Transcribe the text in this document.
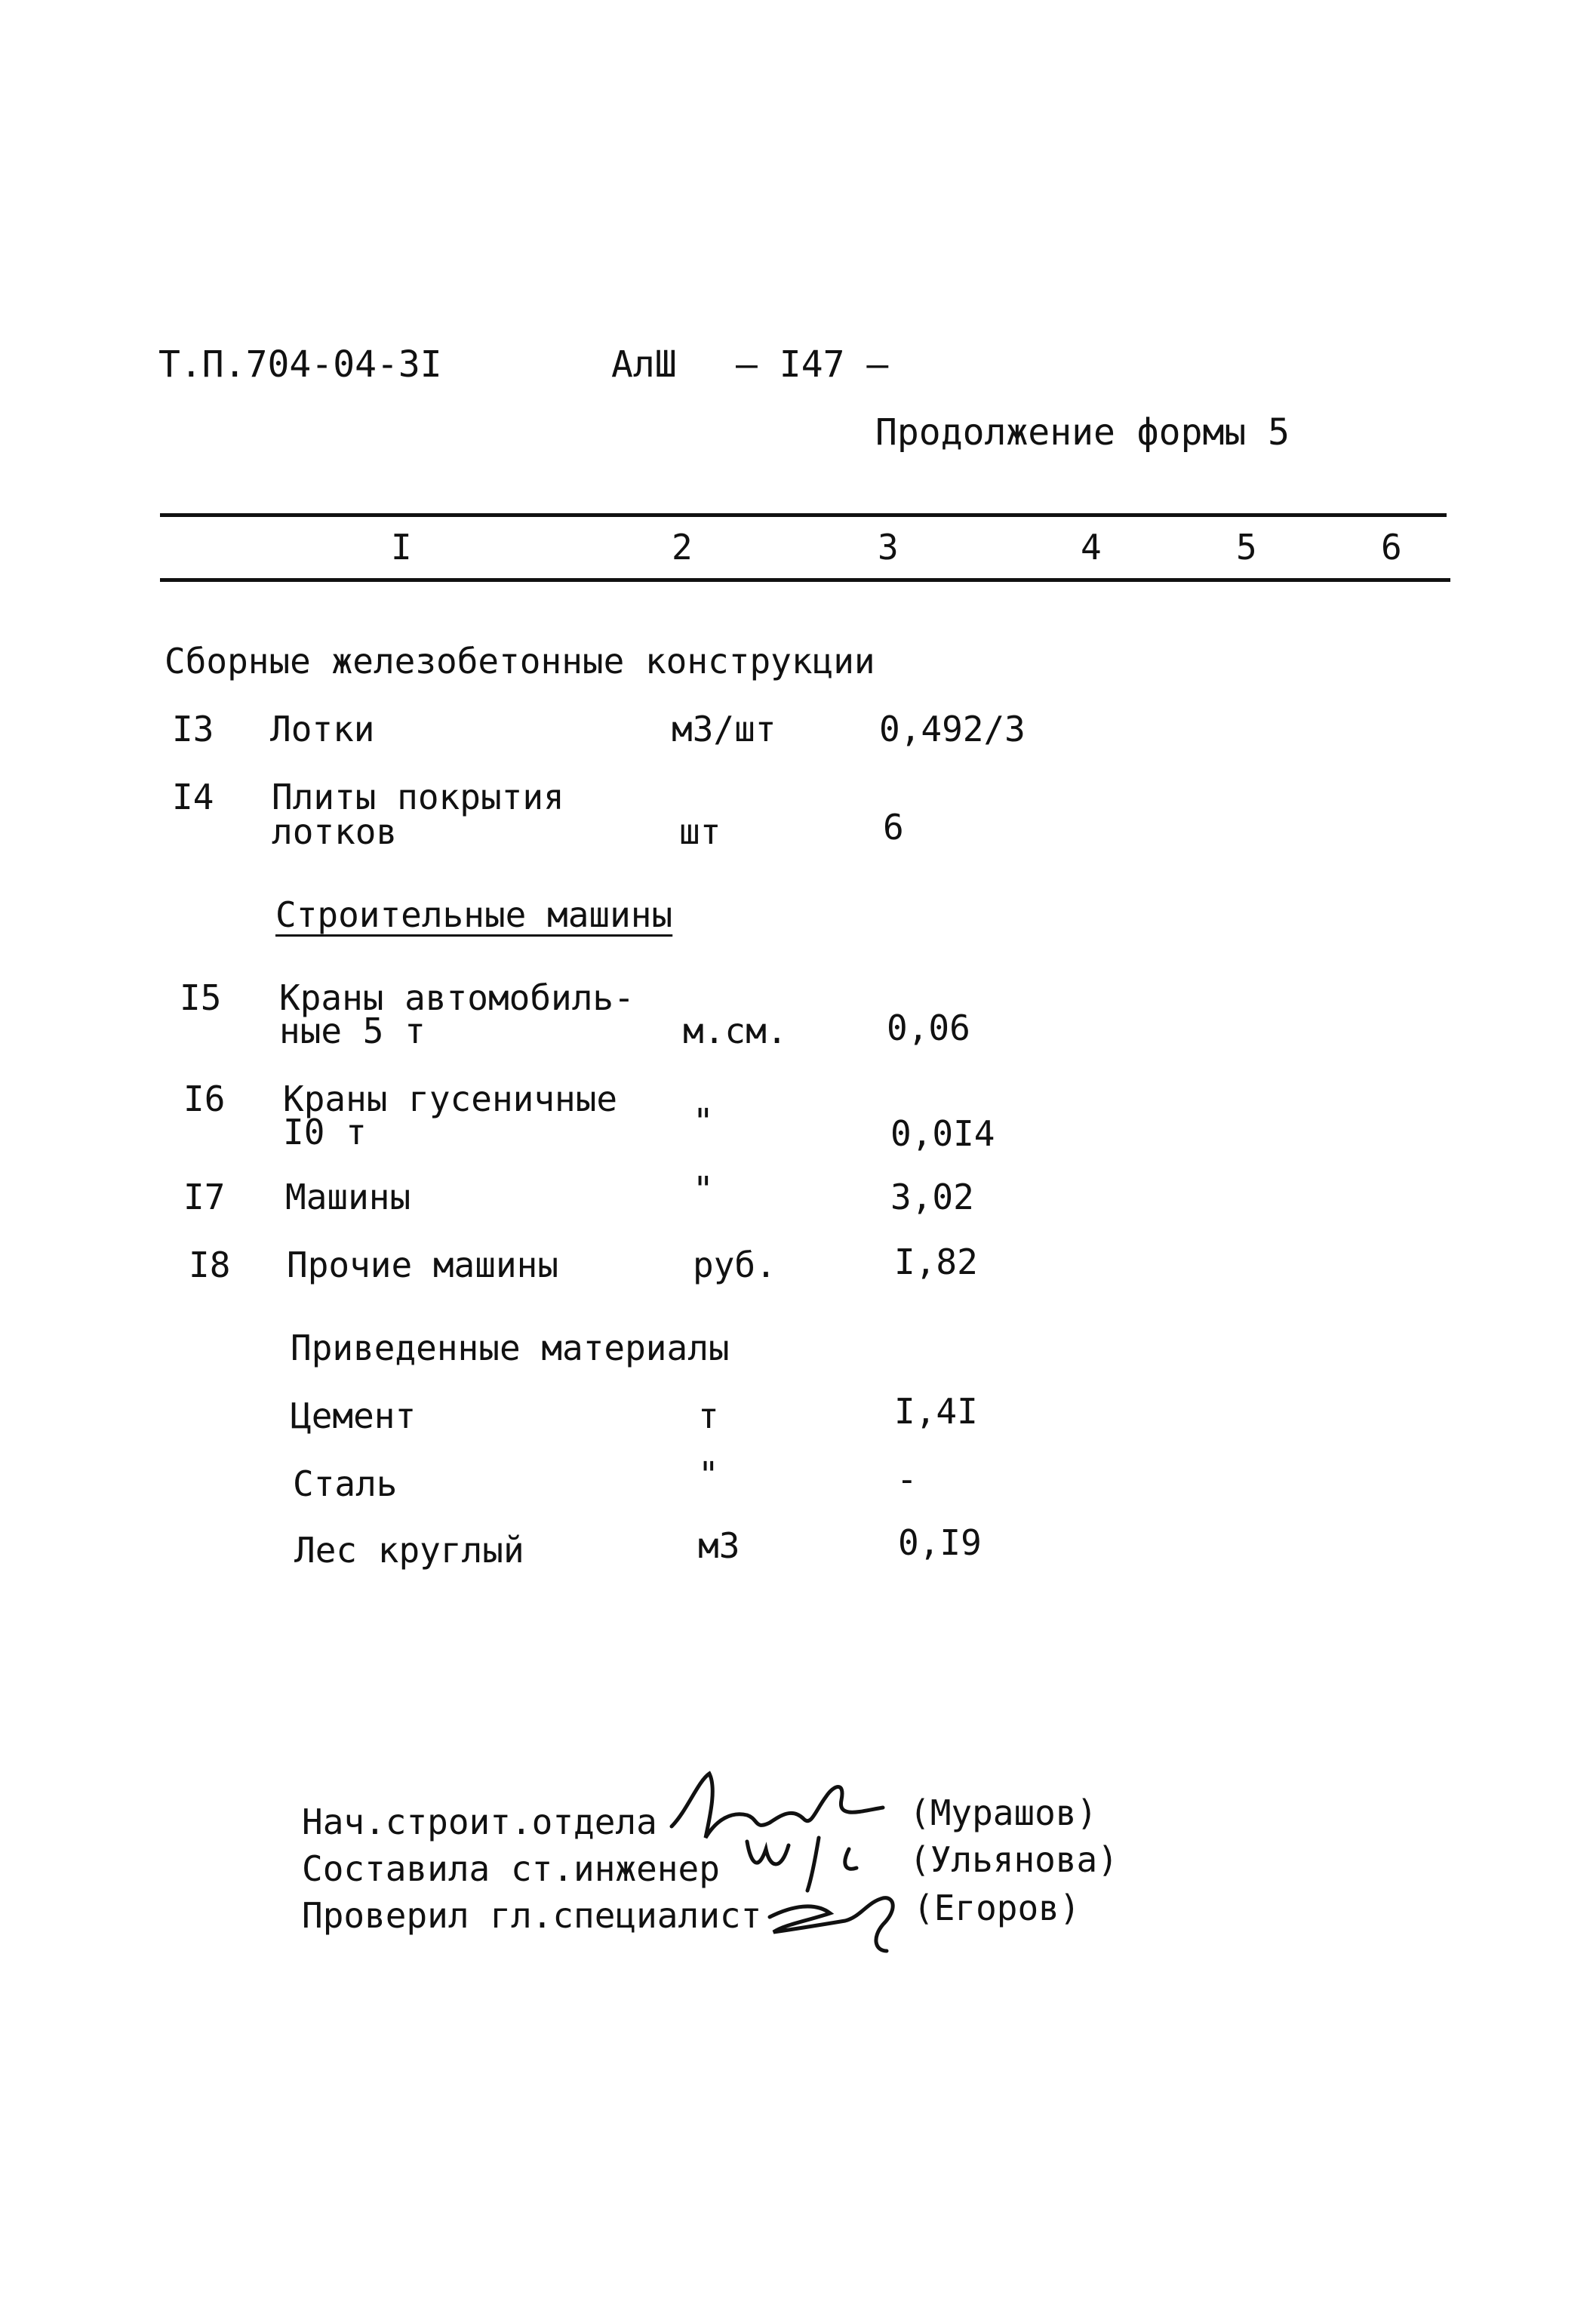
Т.П.704-04-3I	АлШ — I47 —
Продолжение формы 5
I	2	3	4	5	6
Сборные железобетонные конструкции
I3 Лотки	м3/шт	0,492/3
I4 Плиты покрытия
лотков	шт	6
Строительные машины
I5 Краны автомобиль-
ные 5 т	м.см.	0,06
I6 Краны гусеничные
I0 т	"	0,0I4
I7 Машины	"	3,02
I8 Прочие машины	руб.	I,82
Приведенные материалы
Цемент	т	I,4I
Сталь	"	-
Лес круглый	м3	0,I9
Нач.строит.отдела	(Мурашов)
Составила ст.инженер	(Ульянова)
Проверил гл.специалист	(Егоров)
